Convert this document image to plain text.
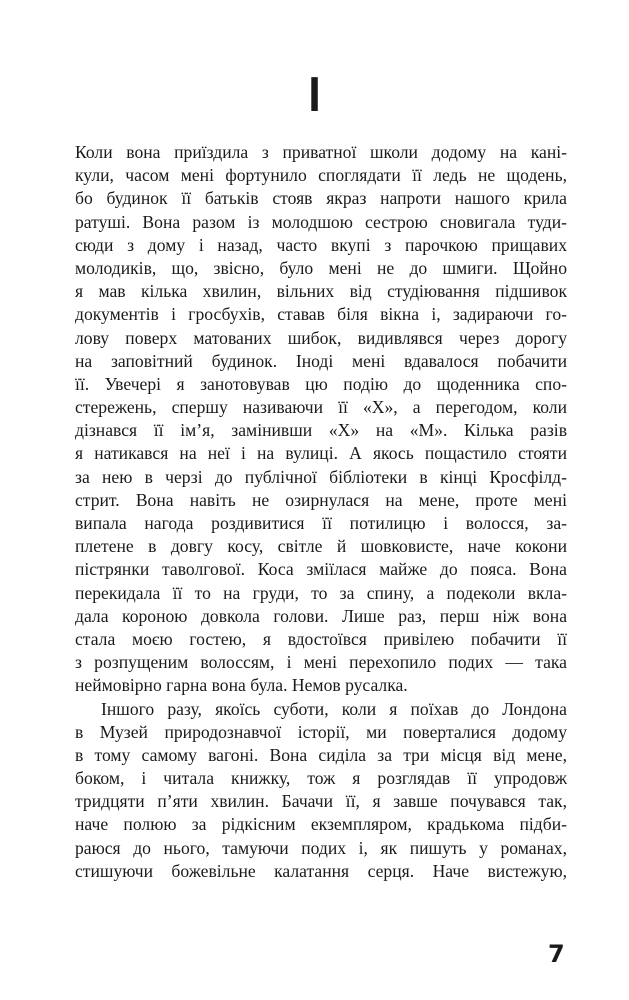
I
Коли вона приїздила з приватної школи додому на кані-
кули, часом мені фортунило споглядати її ледь не щодень,
бо будинок її батьків стояв якраз напроти нашого крила
ратуші. Вона разом із молодшою сестрою сновигала туди-
сюди з дому і назад, часто вкупі з парочкою прищавих
молодиків, що, звісно, було мені не до шмиги. Щойно
я мав кілька хвилин, вільних від студіювання підшивок
документів і гросбухів, ставав біля вікна і, задираючи го-
лову поверх матованих шибок, видивлявся через дорогу
на заповітний будинок. Іноді мені вдавалося побачити
її. Увечері я занотовував цю подію до щоденника спо-
стережень, спершу називаючи її «Х», а перегодом, коли
дізнався її ім’я, замінивши «Х» на «М». Кілька разів
я натикався на неї і на вулиці. А якось пощастило стояти
за нею в черзі до публічної бібліотеки в кінці Кросфілд-
стрит. Вона навіть не озирнулася на мене, проте мені
випала нагода роздивитися її потилицю і волосся, за-
плетене в довгу косу, світле й шовковисте, наче кокони
пістрянки таволгової. Коса зміїлася майже до пояса. Вона
перекидала її то на груди, то за спину, а подеколи вкла-
дала короною довкола голови. Лише раз, перш ніж вона
стала моєю гостею, я вдостоївся привілею побачити її
з розпущеним волоссям, і мені перехопило подих — така
неймовірно гарна вона була. Немов русалка.
Іншого разу, якоїсь суботи, коли я поїхав до Лондона
в Музей природознавчої історії, ми поверталися додому
в тому самому вагоні. Вона сиділа за три місця від мене,
боком, і читала книжку, тож я розглядав її упродовж
тридцяти п’яти хвилин. Бачачи її, я завше почувався так,
наче полюю за рідкісним екземпляром, крадькома підби-
раюся до нього, тамуючи подих і, як пишуть у романах,
стишуючи божевільне калатання серця. Наче вистежую,
7
